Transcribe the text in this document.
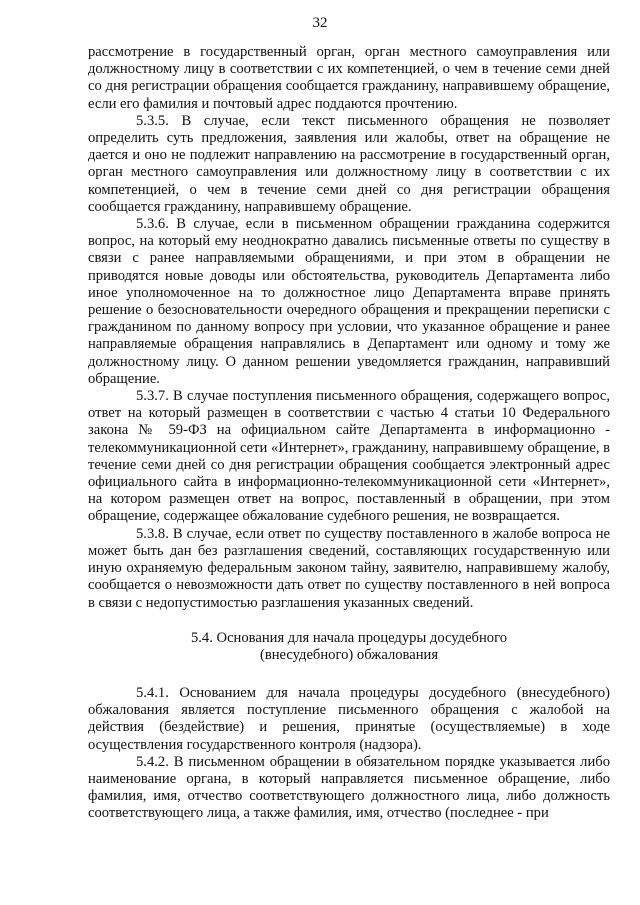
32

рассмотрение в государственный орган, орган местного самоуправления или должностному лицу в соответствии с их компетенцией, о чем в течение семи дней со дня регистрации обращения сообщается гражданину, направившему обращение, если его фамилия и почтовый адрес поддаются прочтению.

5.3.5. В случае, если текст письменного обращения не позволяет определить суть предложения, заявления или жалобы, ответ на обращение не дается и оно не подлежит направлению на рассмотрение в государственный орган, орган местного самоуправления или должностному лицу в соответствии с их компетенцией, о чем в течение семи дней со дня регистрации обращения сообщается гражданину, направившему обращение.

5.3.6. В случае, если в письменном обращении гражданина содержится вопрос, на который ему неоднократно давались письменные ответы по существу в связи с ранее направляемыми обращениями, и при этом в обращении не приводятся новые доводы или обстоятельства, руководитель Департамента либо иное уполномоченное на то должностное лицо Департамента вправе принять решение о безосновательности очередного обращения и прекращении переписки с гражданином по данному вопросу при условии, что указанное обращение и ранее направляемые обращения направлялись в Департамент или одному и тому же должностному лицу. О данном решении уведомляется гражданин, направивший обращение.

5.3.7. В случае поступления письменного обращения, содержащего вопрос, ответ на который размещен в соответствии с частью 4 статьи 10 Федерального закона № 59-ФЗ на официальном сайте Департамента в информационно - телекоммуникационной сети «Интернет», гражданину, направившему обращение, в течение семи дней со дня регистрации обращения сообщается электронный адрес официального сайта в информационно-телекоммуникационной сети «Интернет», на котором размещен ответ на вопрос, поставленный в обращении, при этом обращение, содержащее обжалование судебного решения, не возвращается.

5.3.8. В случае, если ответ по существу поставленного в жалобе вопроса не может быть дан без разглашения сведений, составляющих государственную или иную охраняемую федеральным законом тайну, заявителю, направившему жалобу, сообщается о невозможности дать ответ по существу поставленного в ней вопроса в связи с недопустимостью разглашения указанных сведений.

5.4. Основания для начала процедуры досудебного
(внесудебного) обжалования

5.4.1. Основанием для начала процедуры досудебного (внесудебного) обжалования является поступление письменного обращения с жалобой на действия (бездействие) и решения, принятые (осуществляемые) в ходе осуществления государственного контроля (надзора).

5.4.2. В письменном обращении в обязательном порядке указывается либо наименование органа, в который направляется письменное обращение, либо фамилия, имя, отчество соответствующего должностного лица, либо должность соответствующего лица, а также фамилия, имя, отчество (последнее - при
